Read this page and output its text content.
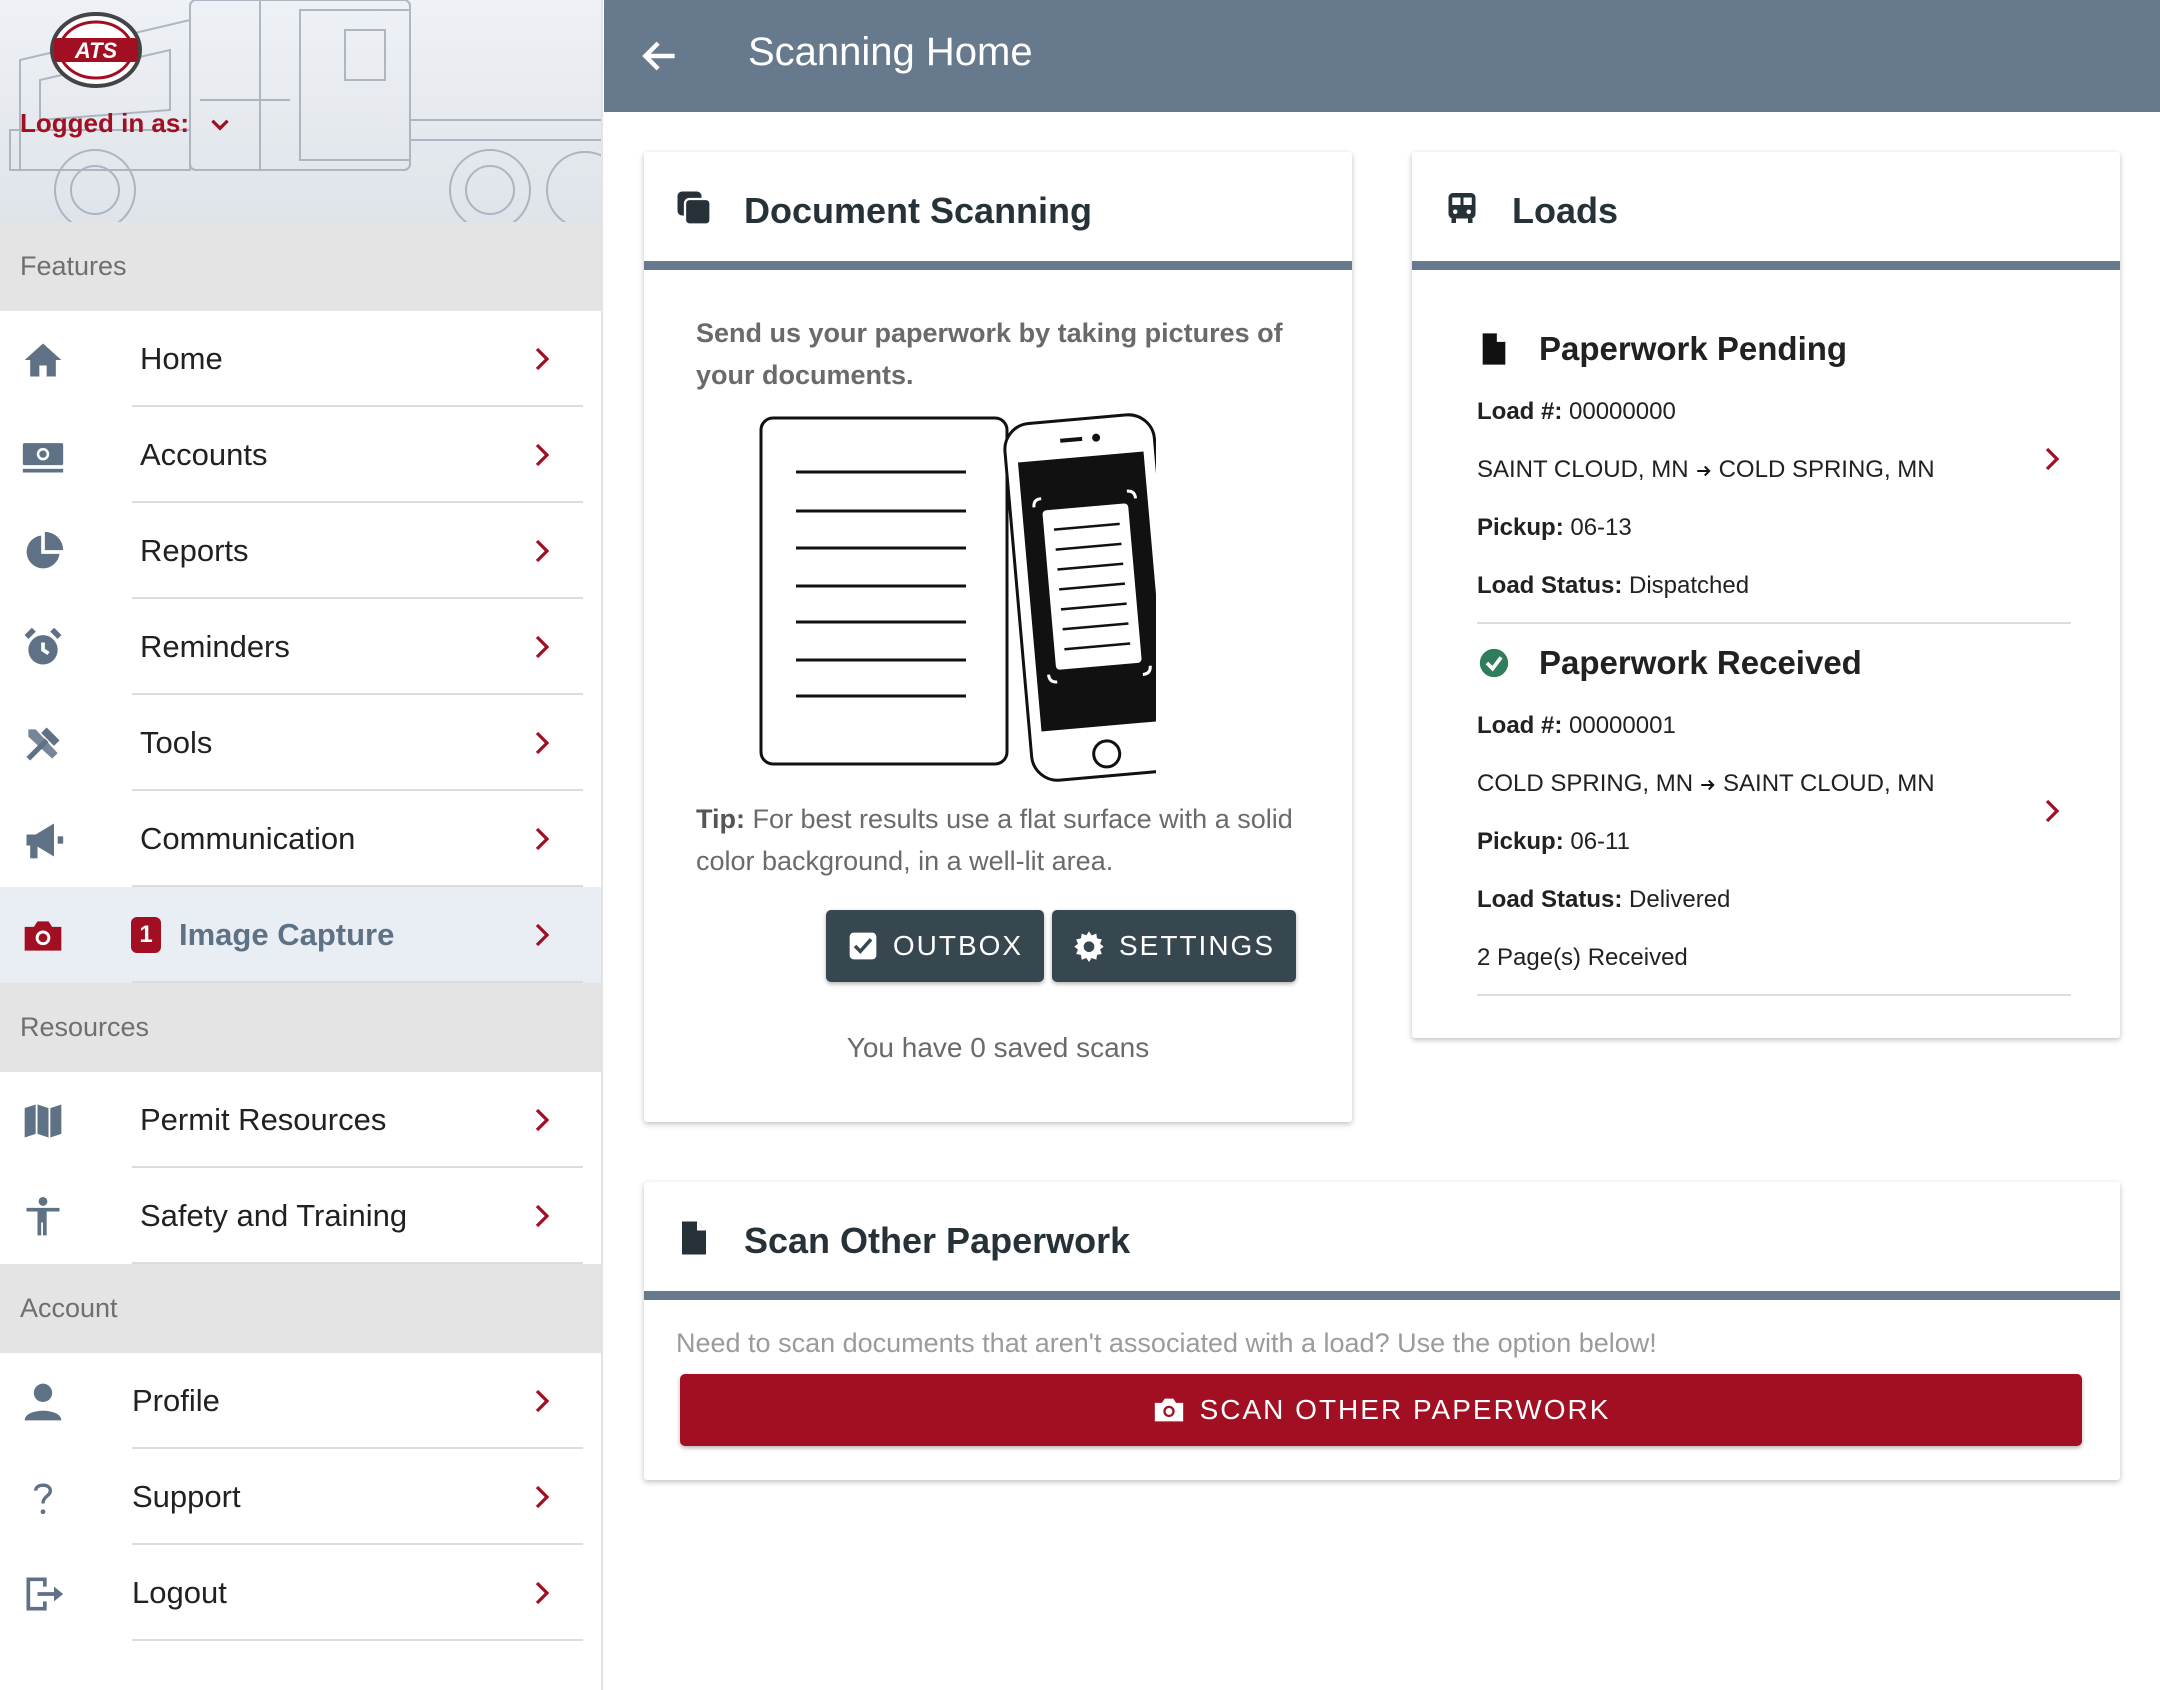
ATS
Logged in as:
Features
Home
Accounts
Reports
Reminders
Tools
Communication
1 Image Capture
Resources
Permit Resources
Safety and Training
Account
Profile
Support
Logout
Scanning Home
Document Scanning
Send us your paperwork by taking pictures of your documents.
Tip: For best results use a flat surface with a solid color background, in a well-lit area.
OUTBOX	SETTINGS
You have 0 saved scans
Loads
Paperwork Pending
Load #: 00000000
SAINT CLOUD, MN COLD SPRING, MN
Pickup: 06-13
Load Status: Dispatched
Paperwork Received
Load #: 00000001
COLD SPRING, MN SAINT CLOUD, MN
Pickup: 06-11
Load Status: Delivered
2 Page(s) Received
Scan Other Paperwork
Need to scan documents that aren't associated with a load? Use the option below!
SCAN OTHER PAPERWORK
